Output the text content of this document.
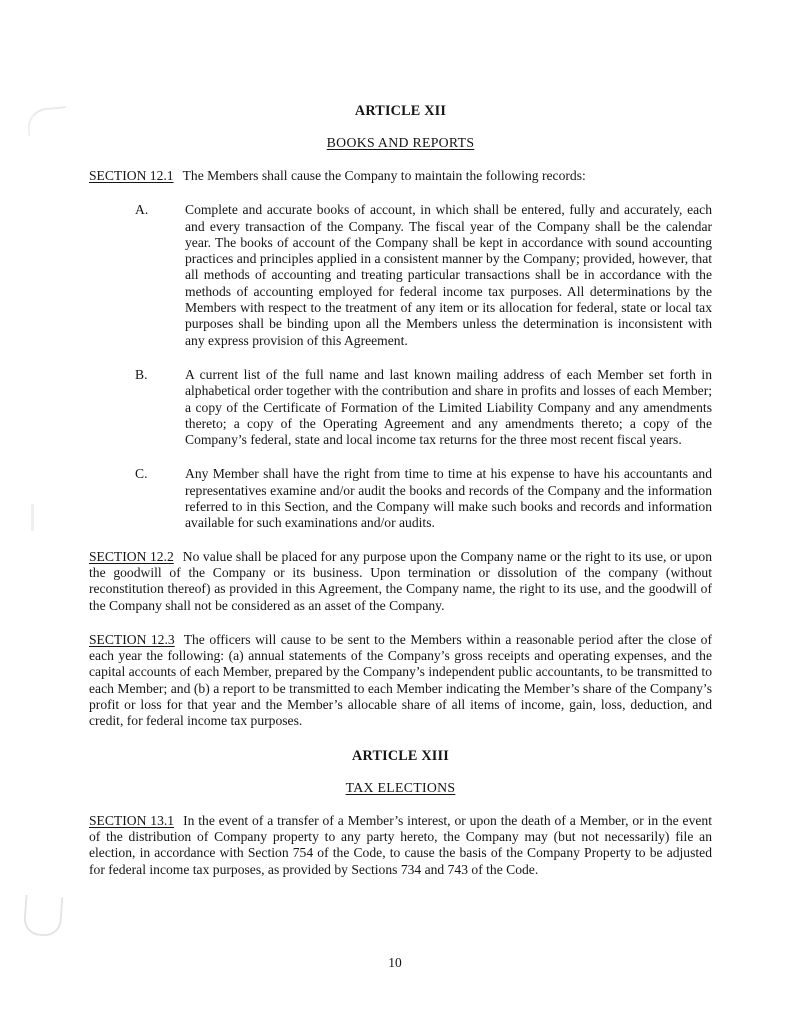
ARTICLE XII
BOOKS AND REPORTS

SECTION 12.1 The Members shall cause the Company to maintain the following records:

A.	Complete and accurate books of account, in which shall be entered, fully and accurately, each and every transaction of the Company. The fiscal year of the Company shall be the calendar year. The books of account of the Company shall be kept in accordance with sound accounting practices and principles applied in a consistent manner by the Company; provided, however, that all methods of accounting and treating particular transactions shall be in accordance with the methods of accounting employed for federal income tax purposes. All determinations by the Members with respect to the treatment of any item or its allocation for federal, state or local tax purposes shall be binding upon all the Members unless the determination is inconsistent with any express provision of this Agreement.
B.	A current list of the full name and last known mailing address of each Member set forth in alphabetical order together with the contribution and share in profits and losses of each Member; a copy of the Certificate of Formation of the Limited Liability Company and any amendments thereto; a copy of the Operating Agreement and any amendments thereto; a copy of the Company’s federal, state and local income tax returns for the three most recent fiscal years.
C.	Any Member shall have the right from time to time at his expense to have his accountants and representatives examine and/or audit the books and records of the Company and the information referred to in this Section, and the Company will make such books and records and information available for such examinations and/or audits.

SECTION 12.2 No value shall be placed for any purpose upon the Company name or the right to its use, or upon the goodwill of the Company or its business. Upon termination or dissolution of the company (without reconstitution thereof) as provided in this Agreement, the Company name, the right to its use, and the goodwill of the Company shall not be considered as an asset of the Company.

SECTION 12.3 The officers will cause to be sent to the Members within a reasonable period after the close of each year the following: (a) annual statements of the Company’s gross receipts and operating expenses, and the capital accounts of each Member, prepared by the Company’s independent public accountants, to be transmitted to each Member; and (b) a report to be transmitted to each Member indicating the Member’s share of the Company’s profit or loss for that year and the Member’s allocable share of all items of income, gain, loss, deduction, and credit, for federal income tax purposes.

ARTICLE XIII
TAX ELECTIONS

SECTION 13.1 In the event of a transfer of a Member’s interest, or upon the death of a Member, or in the event of the distribution of Company property to any party hereto, the Company may (but not necessarily) file an election, in accordance with Section 754 of the Code, to cause the basis of the Company Property to be adjusted for federal income tax purposes, as provided by Sections 734 and 743 of the Code.

10
